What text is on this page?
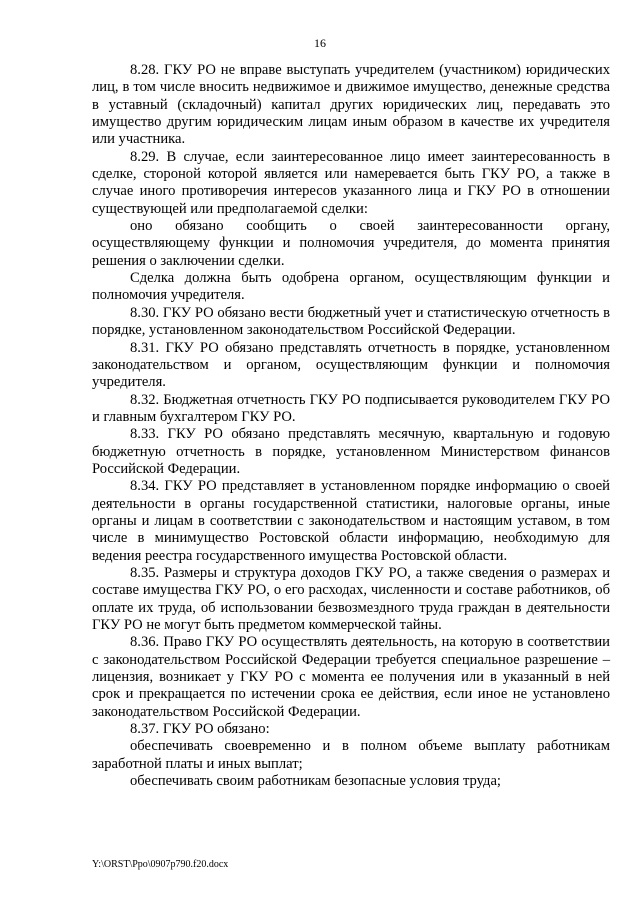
16

8.28. ГКУ РО не вправе выступать учредителем (участником) юридических лиц, в том числе вносить недвижимое и движимое имущество, денежные средства в уставный (складочный) капитал других юридических лиц, передавать это имущество другим юридическим лицам иным образом в качестве их учредителя или участника.

8.29. В случае, если заинтересованное лицо имеет заинтересованность в сделке, стороной которой является или намеревается быть ГКУ РО, а также в случае иного противоречия интересов указанного лица и ГКУ РО в отношении существующей или предполагаемой сделки:

оно обязано сообщить о своей заинтересованности органу, осуществляющему функции и полномочия учредителя, до момента принятия решения о заключении сделки.

Сделка должна быть одобрена органом, осуществляющим функции и полномочия учредителя.

8.30. ГКУ РО обязано вести бюджетный учет и статистическую отчетность в порядке, установленном законодательством Российской Федерации.

8.31. ГКУ РО обязано представлять отчетность в порядке, установленном законодательством и органом, осуществляющим функции и полномочия учредителя.

8.32. Бюджетная отчетность ГКУ РО подписывается руководителем ГКУ РО и главным бухгалтером ГКУ РО.

8.33. ГКУ РО обязано представлять месячную, квартальную и годовую бюджетную отчетность в порядке, установленном Министерством финансов Российской Федерации.

8.34. ГКУ РО представляет в установленном порядке информацию о своей деятельности в органы государственной статистики, налоговые органы, иные органы и лицам в соответствии с законодательством и настоящим уставом, в том числе в минимущество Ростовской области информацию, необходимую для ведения реестра государственного имущества Ростовской области.

8.35. Размеры и структура доходов ГКУ РО, а также сведения о размерах и составе имущества ГКУ РО, о его расходах, численности и составе работников, об оплате их труда, об использовании безвозмездного труда граждан в деятельности ГКУ РО не могут быть предметом коммерческой тайны.

8.36. Право ГКУ РО осуществлять деятельность, на которую в соответствии с законодательством Российской Федерации требуется специальное разрешение – лицензия, возникает у ГКУ РО с момента ее получения или в указанный в ней срок и прекращается по истечении срока ее действия, если иное не установлено законодательством Российской Федерации.

8.37. ГКУ РО обязано:

обеспечивать своевременно и в полном объеме выплату работникам заработной платы и иных выплат;

обеспечивать своим работникам безопасные условия труда;

Y:\ORST\Ppo\0907p790.f20.docx
